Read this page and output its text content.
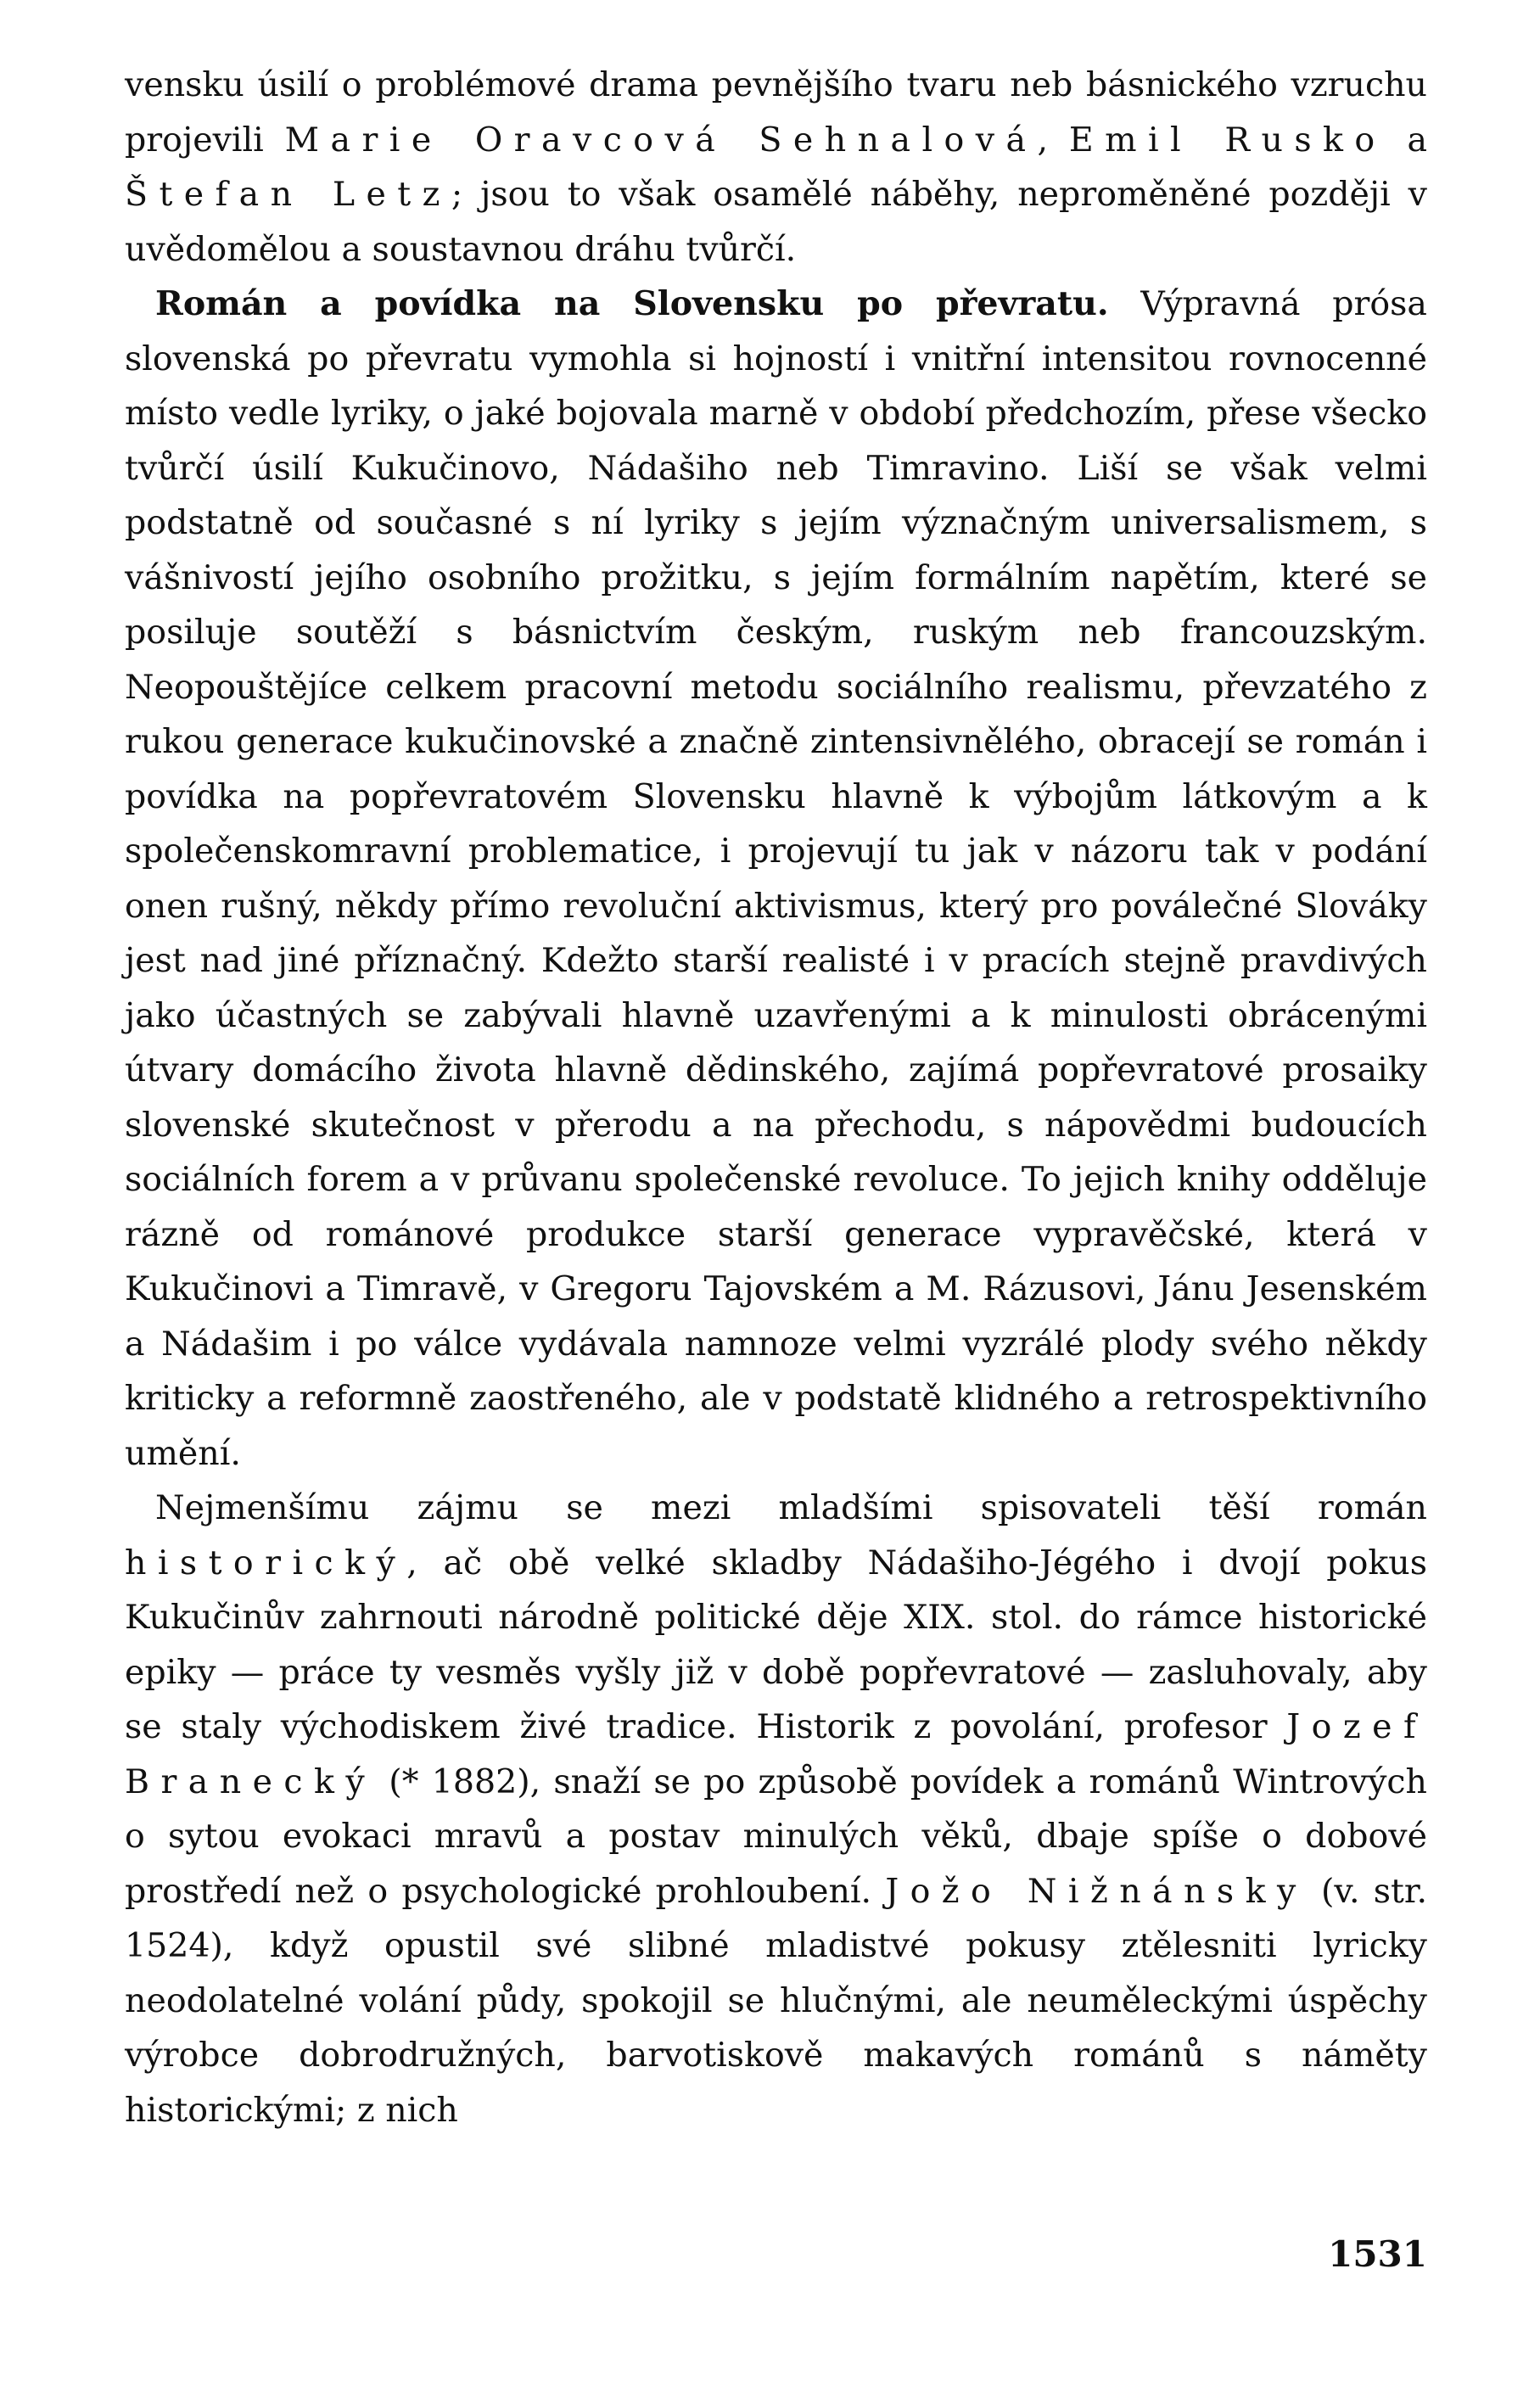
vensku úsilí o problémové drama pevnějšího tvaru neb básnického vzruchu projevili Marie Oravcová Sehnalová, Emil Rusko a Štefan Letz; jsou to však osamělé náběhy, neproměněné později v uvědomělou a soustavnou dráhu tvůrčí.

Román a povídka na Slovensku po převratu. Výpravná prósa slovenská po převratu vymohla si hojností i vnitřní intensitou rovnocenné místo vedle lyriky, o jaké bojovala marně v období předchozím, přese všecko tvůrčí úsilí Kukučinovo, Nádašiho neb Timravino. Liší se však velmi podstatně od současné s ní lyriky s jejím význačným universalismem, s vášnivostí jejího osobního prožitku, s jejím formálním napětím, které se posiluje soutěží s básnictvím českým, ruským neb francouzským. Neopouštějíce celkem pracovní metodu sociálního realismu, převzatého z rukou generace kukučinovské a značně zintensivnělého, obracejí se román i povídka na popřevratovém Slovensku hlavně k výbojům látkovým a k společenskomravní problematice, i projevují tu jak v názoru tak v podání onen rušný, někdy přímo revoluční aktivismus, který pro poválečné Slováky jest nad jiné příznačný. Kdežto starší realisté i v pracích stejně pravdivých jako účastných se zabývali hlavně uzavřenými a k minulosti obrácenými útvary domácího života hlavně dědinského, zajímá popřevratové prosaiky slovenské skutečnost v přerodu a na přechodu, s nápovědmi budoucích sociálních forem a v průvanu společenské revoluce. To jejich knihy odděluje rázně od románové produkce starší generace vypravěčské, která v Kukučinovi a Timravě, v Gregoru Tajovském a M. Rázusovi, Jánu Jesenském a Nádašim i po válce vydávala namnoze velmi vyzrálé plody svého někdy kriticky a reformně zaostřeného, ale v podstatě klidného a retrospektivního umění.

Nejmenšímu zájmu se mezi mladšími spisovateli těší román historický, ač obě velké skladby Nádašiho-Jégého i dvojí pokus Kukučinův zahrnouti národně politické děje XIX. stol. do rámce historické epiky — práce ty vesměs vyšly již v době popřevratové — zasluhovaly, aby se staly východiskem živé tradice. Historik z povolání, profesor Jozef Branecký (* 1882), snaží se po způsobě povídek a románů Wintrových o sytou evokaci mravů a postav minulých věků, dbaje spíše o dobové prostředí než o psychologické prohloubení. Jožo Nižnánsky (v. str. 1524), když opustil své slibné mladistvé pokusy ztělesniti lyricky neodolatelné volání půdy, spokojil se hlučnými, ale neuměleckými úspěchy výrobce dobrodružných, barvotiskově makavých románů s náměty historickými; z nich

1531
